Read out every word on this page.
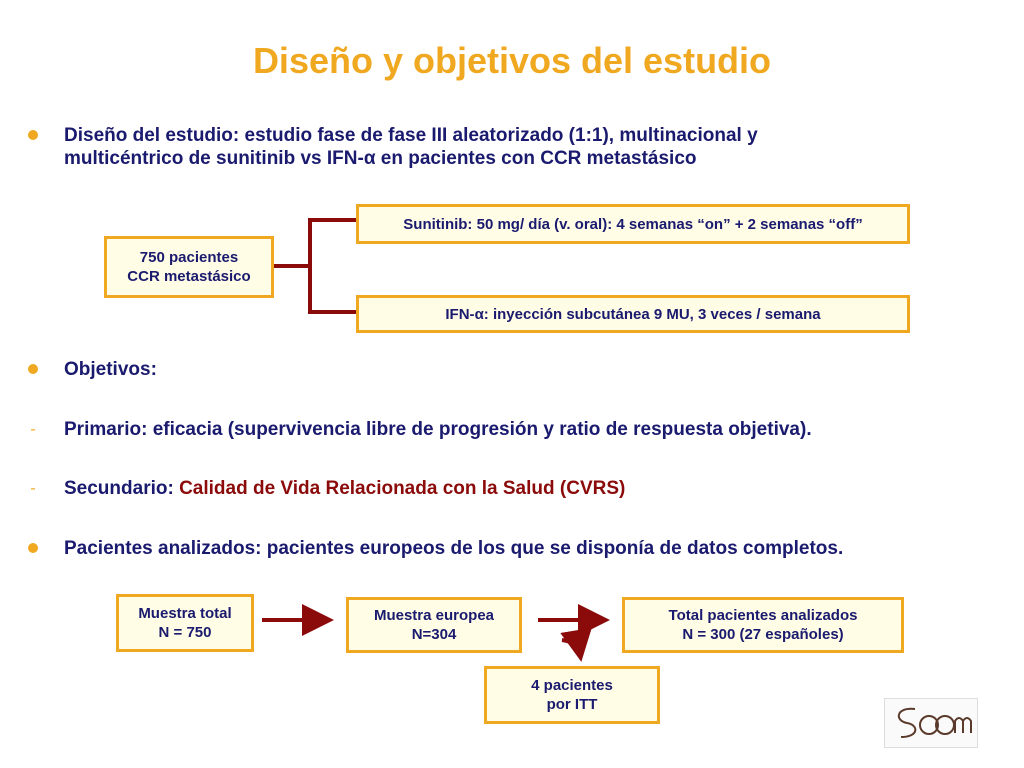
Diseño y objetivos del estudio
Diseño del estudio: estudio fase de fase III aleatorizado (1:1), multinacional y
multicéntrico de sunitinib vs IFN-α en pacientes con CCR metastásico
750 pacientes
CCR metastásico
Sunitinib: 50 mg/ día (v. oral): 4 semanas “on” + 2 semanas “off”
IFN-α: inyección subcutánea 9 MU, 3 veces / semana
Objetivos:
- Primario: eficacia (supervivencia libre de progresión y ratio de respuesta objetiva).
- Secundario: Calidad de Vida Relacionada con la Salud (CVRS)
Pacientes analizados: pacientes europeos de los que se disponía de datos completos.
Muestra total
N = 750
Muestra europea
N=304
Total pacientes analizados
N = 300 (27 españoles)
4 pacientes
por ITT
